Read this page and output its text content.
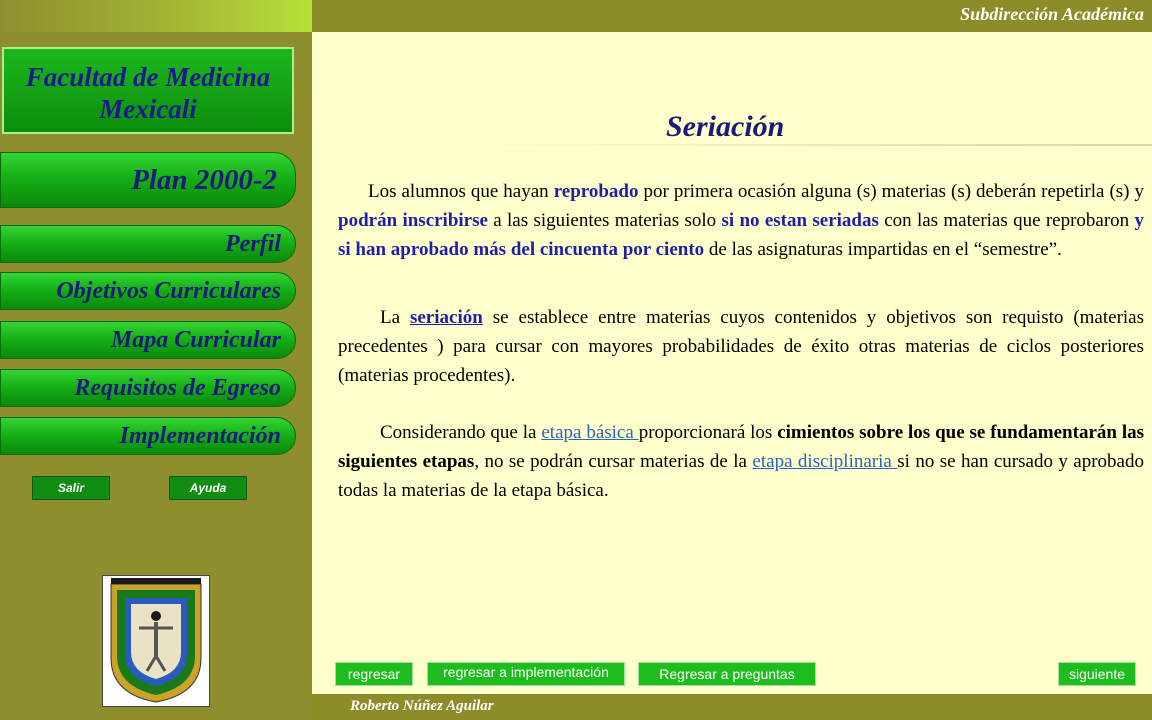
Subdirección Académica
Facultad de Medicina
Mexicali
Plan 2000-2
Perfil
Objetivos Curriculares
Mapa Curricular
Requisitos de Egreso
Implementación
Salir	Ayuda
Seriación
Los alumnos que hayan reprobado por primera ocasión alguna (s) materias (s) deberán repetirla (s) y podrán inscribirse a las siguientes materias solo si no estan seriadas con las materias que reprobaron y si han aprobado más del cincuenta por ciento de las asignaturas impartidas en el “semestre”.
La seriación se establece entre materias cuyos contenidos y objetivos son requisto (materias precedentes ) para cursar con mayores probabilidades de éxito otras materias de ciclos posteriores (materias procedentes).
Considerando que la etapa básica proporcionará los cimientos sobre los que se fundamentarán las siguientes etapas, no se podrán cursar materias de la etapa disciplinaria si no se han cursado y aprobado todas la materias de la etapa básica.
regresar	regresar a implementación	Regresar a preguntas	siguiente
Roberto Núñez Aguilar
